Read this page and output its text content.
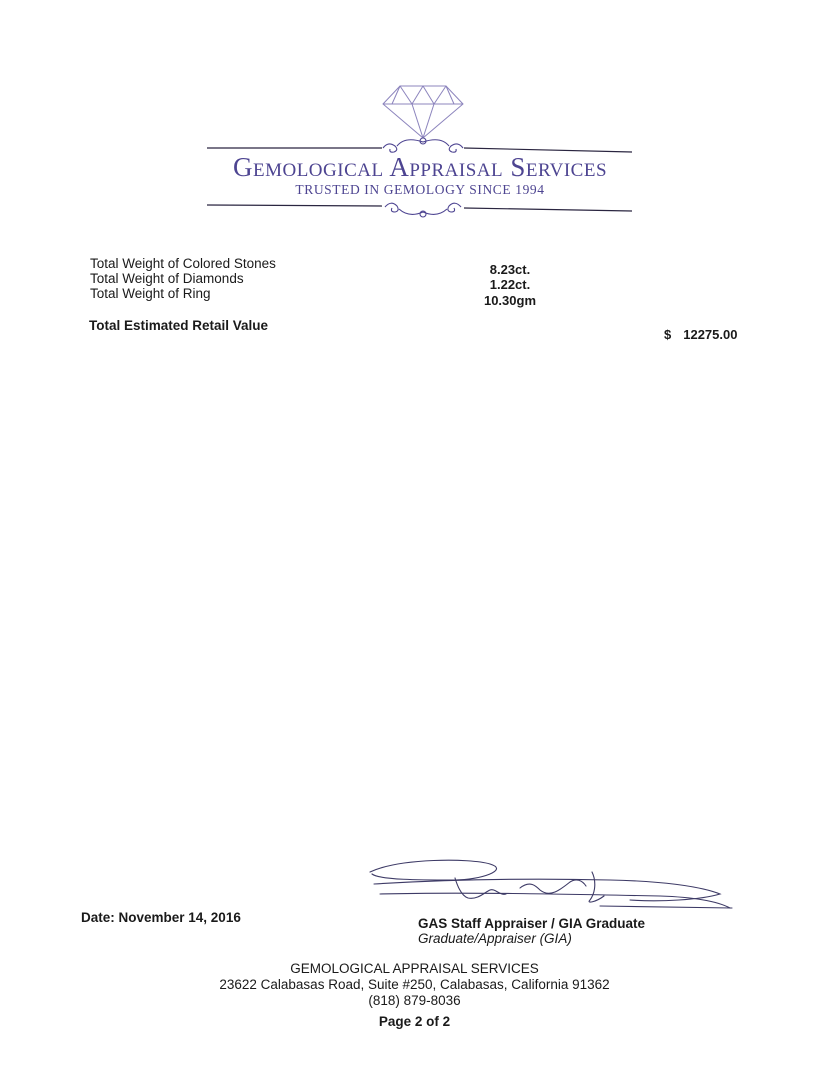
Gemological Appraisal Services
TRUSTED IN GEMOLOGY SINCE 1994
Total Weight of Colored Stones	8.23ct.
Total Weight of Diamonds	1.22ct.
Total Weight of Ring	10.30gm
Total Estimated Retail Value
$ 12275.00
Date: November 14, 2016	GAS Staff Appraiser / GIA Graduate
Graduate/Appraiser (GIA)
GEMOLOGICAL APPRAISAL SERVICES
23622 Calabasas Road, Suite #250, Calabasas, California 91362
(818) 879-8036
Page 2 of 2
